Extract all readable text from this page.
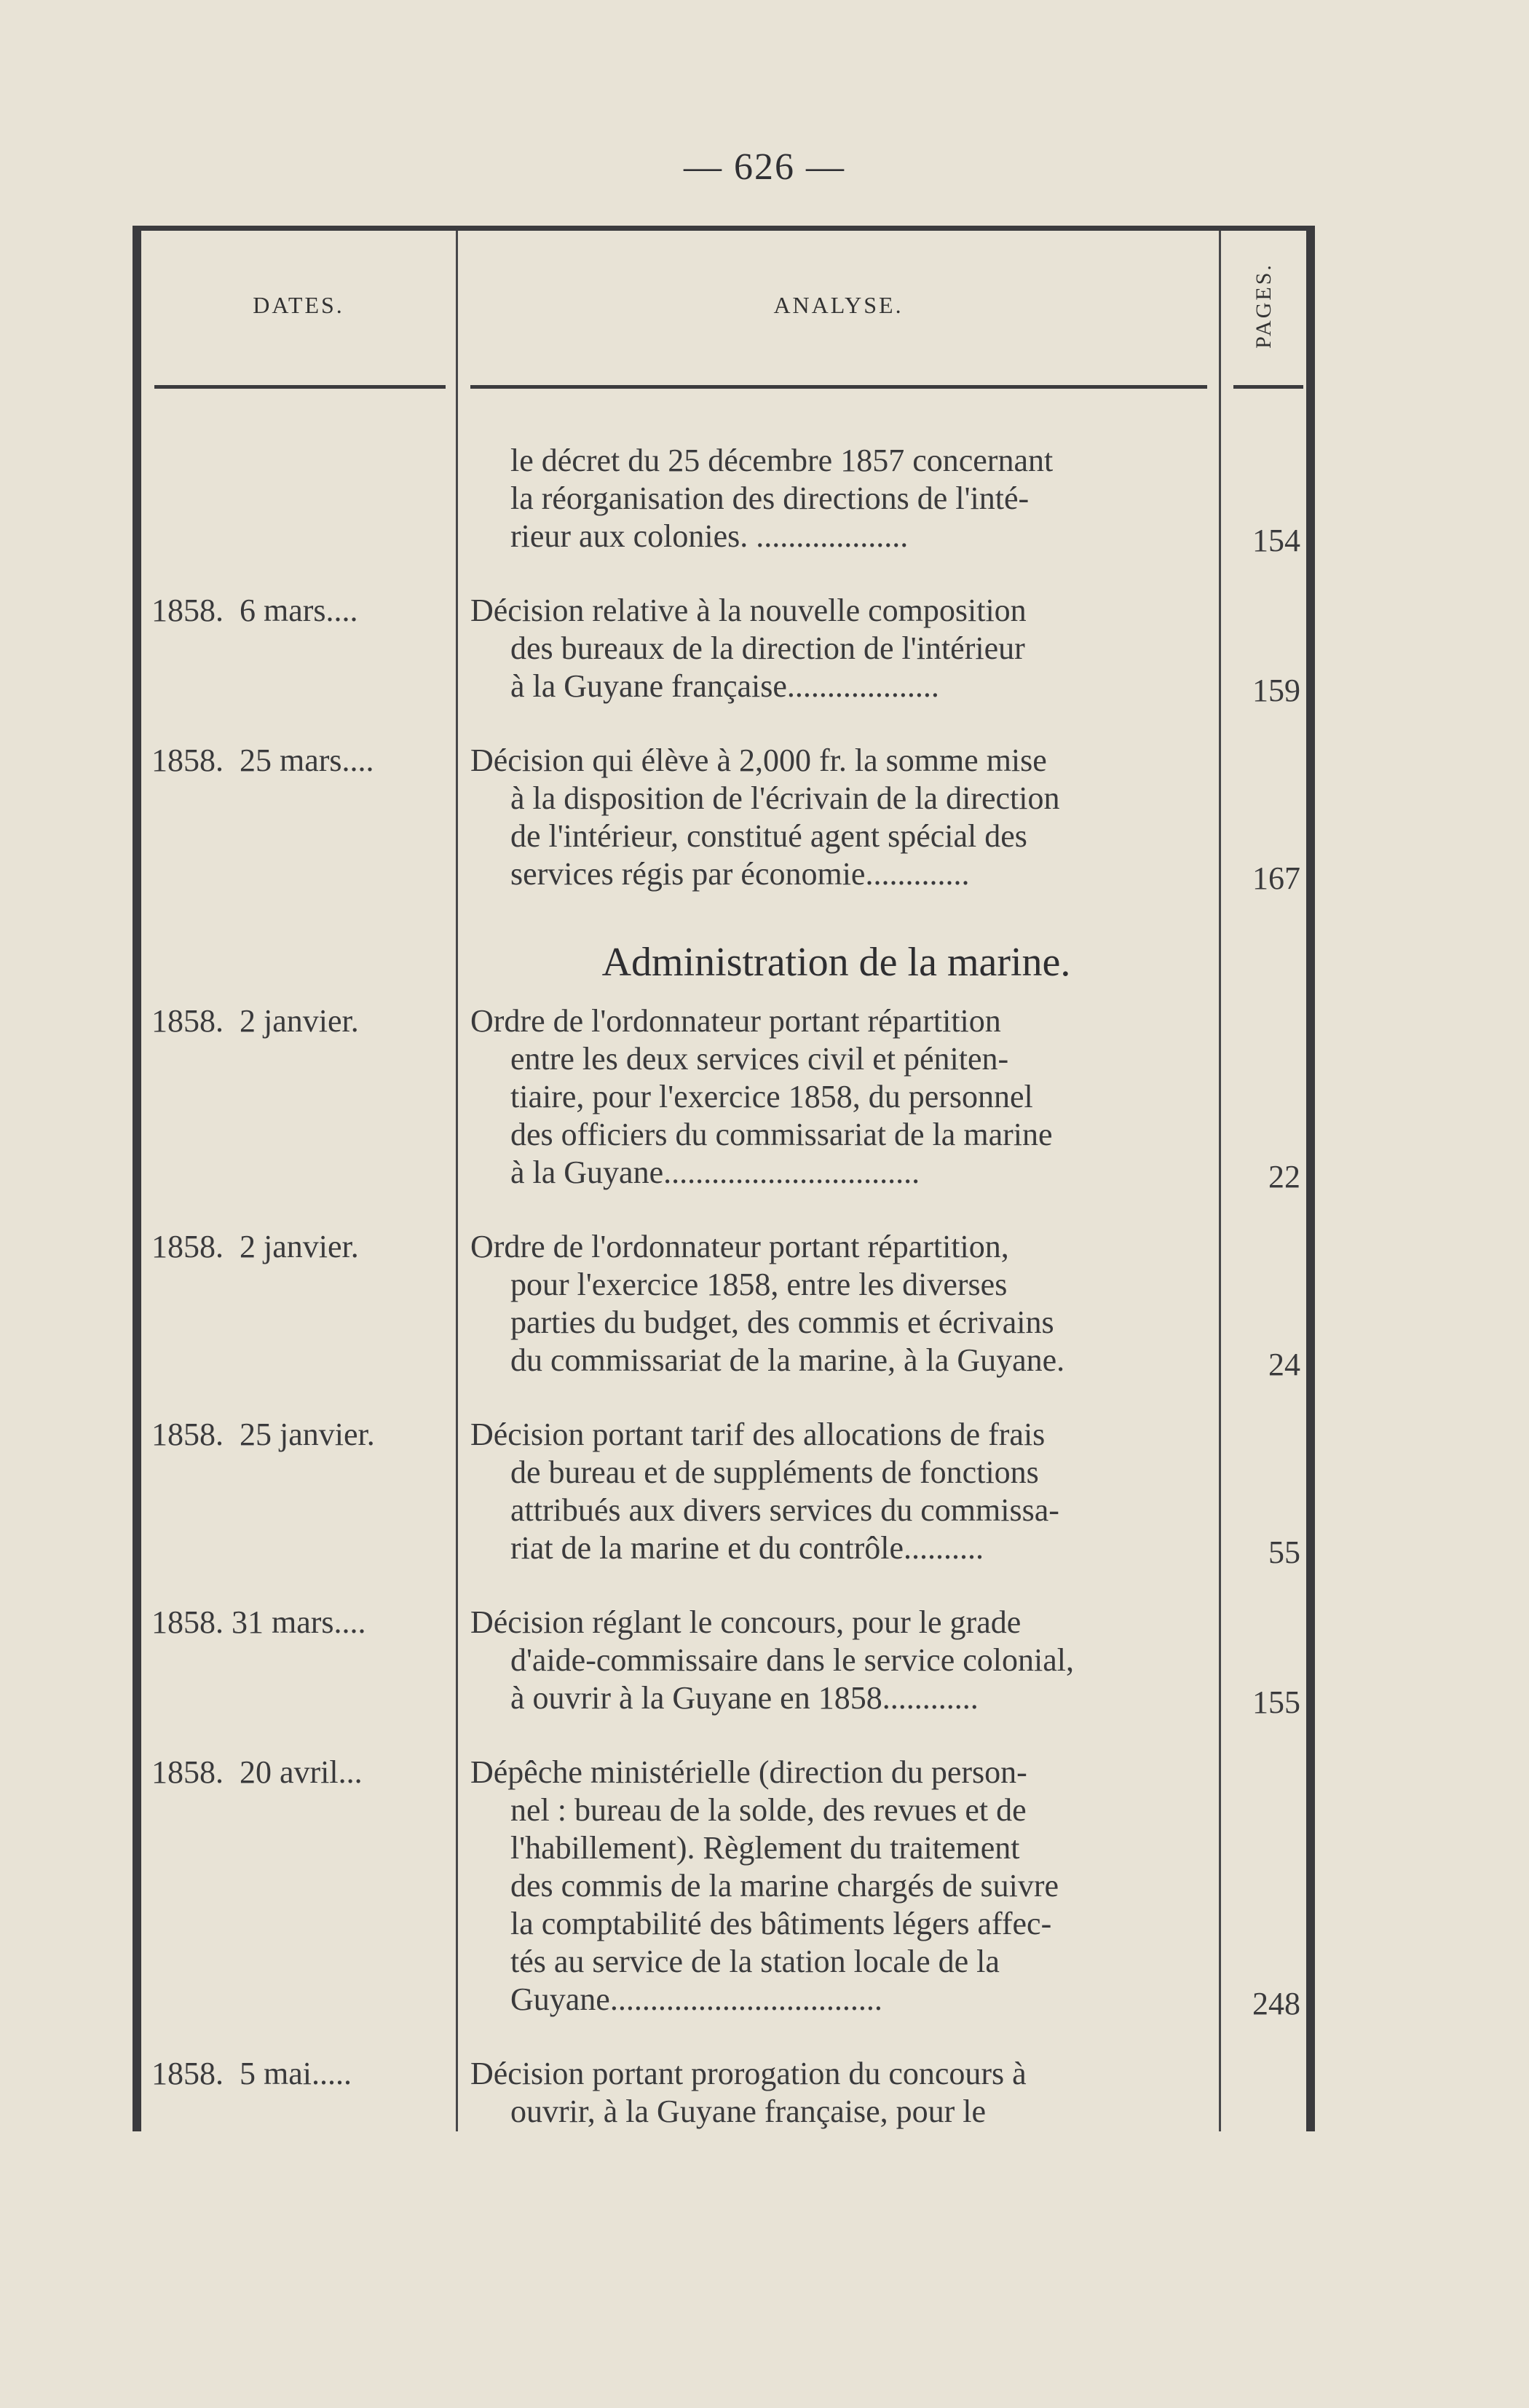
— 626 —
DATES.	ANALYSE.	PAGES.
le décret du 25 décembre 1857 concernant
la réorganisation des directions de l'inté-
rieur aux colonies. ...................	154
1858.  6 mars....	Décision relative à la nouvelle composition
des bureaux de la direction de l'intérieur
à la Guyane française...................	159
1858.  25 mars....	Décision qui élève à 2,000 fr. la somme mise
à la disposition de l'écrivain de la direction
de l'intérieur, constitué agent spécial des
services régis par économie.............	167
Administration de la marine.
1858.  2 janvier.	Ordre de l'ordonnateur portant répartition
entre les deux services civil et péniten-
tiaire, pour l'exercice 1858, du personnel
des officiers du commissariat de la marine
à la Guyane................................	22
1858.  2 janvier.	Ordre de l'ordonnateur portant répartition,
pour l'exercice 1858, entre les diverses
parties du budget, des commis et écrivains
du commissariat de la marine, à la Guyane.	24
1858.  25 janvier.	Décision portant tarif des allocations de frais
de bureau et de suppléments de fonctions
attribués aux divers services du commissa-
riat de la marine et du contrôle..........	55
1858. 31 mars....	Décision réglant le concours, pour le grade
d'aide-commissaire dans le service colonial,
à ouvrir à la Guyane en 1858............	155
1858.  20 avril...	Dépêche ministérielle (direction du person-
nel : bureau de la solde, des revues et de
l'habillement). Règlement du traitement
des commis de la marine chargés de suivre
la comptabilité des bâtiments légers affec-
tés au service de la station locale de la
Guyane..................................	248
1858.  5 mai.....	Décision portant prorogation du concours à
ouvrir, à la Guyane française, pour le
